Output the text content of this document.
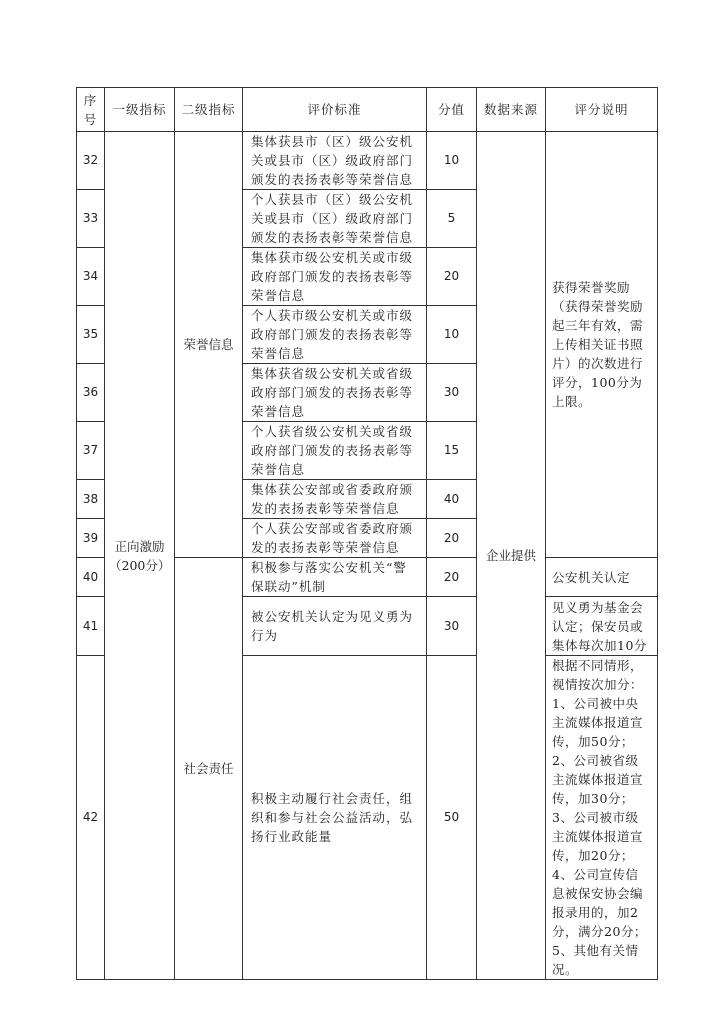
序号	一级指标	二级指标	评价标准	分值	数据来源	评分说明
32	正向激励（200分）	荣誉信息	集体获县市（区）级公安机关或县市（区）级政府部门颁发的表扬表彰等荣誉信息	10	企业提供	获得荣誉奖励（获得荣誉奖励起三年有效，需上传相关证书照片）的次数进行评分，100分为上限。
33			个人获县市（区）级公安机关或县市（区）级政府部门颁发的表扬表彰等荣誉信息	5		
34			集体获市级公安机关或市级政府部门颁发的表扬表彰等荣誉信息	20		
35			个人获市级公安机关或市级政府部门颁发的表扬表彰等荣誉信息	10		
36			集体获省级公安机关或省级政府部门颁发的表扬表彰等荣誉信息	30		
37			个人获省级公安机关或省级政府部门颁发的表扬表彰等荣誉信息	15		
38			集体获公安部或省委政府颁发的表扬表彰等荣誉信息	40		
39			个人获公安部或省委政府颁发的表扬表彰等荣誉信息	20		
40		社会责任	积极参与落实公安机关“警保联动”机制	20		公安机关认定
41			被公安机关认定为见义勇为行为	30		见义勇为基金会认定；保安员或集体每次加10分
42			积极主动履行社会责任，组织和参与社会公益活动，弘扬行业政能量	50		根据不同情形，视情按次加分：1、公司被中央主流媒体报道宣传，加50分；2、公司被省级主流媒体报道宣传，加30分；3、公司被市级主流媒体报道宣传，加20分；4、公司宣传信息被保安协会编报录用的，加2分，满分20分；5、其他有关情况。
